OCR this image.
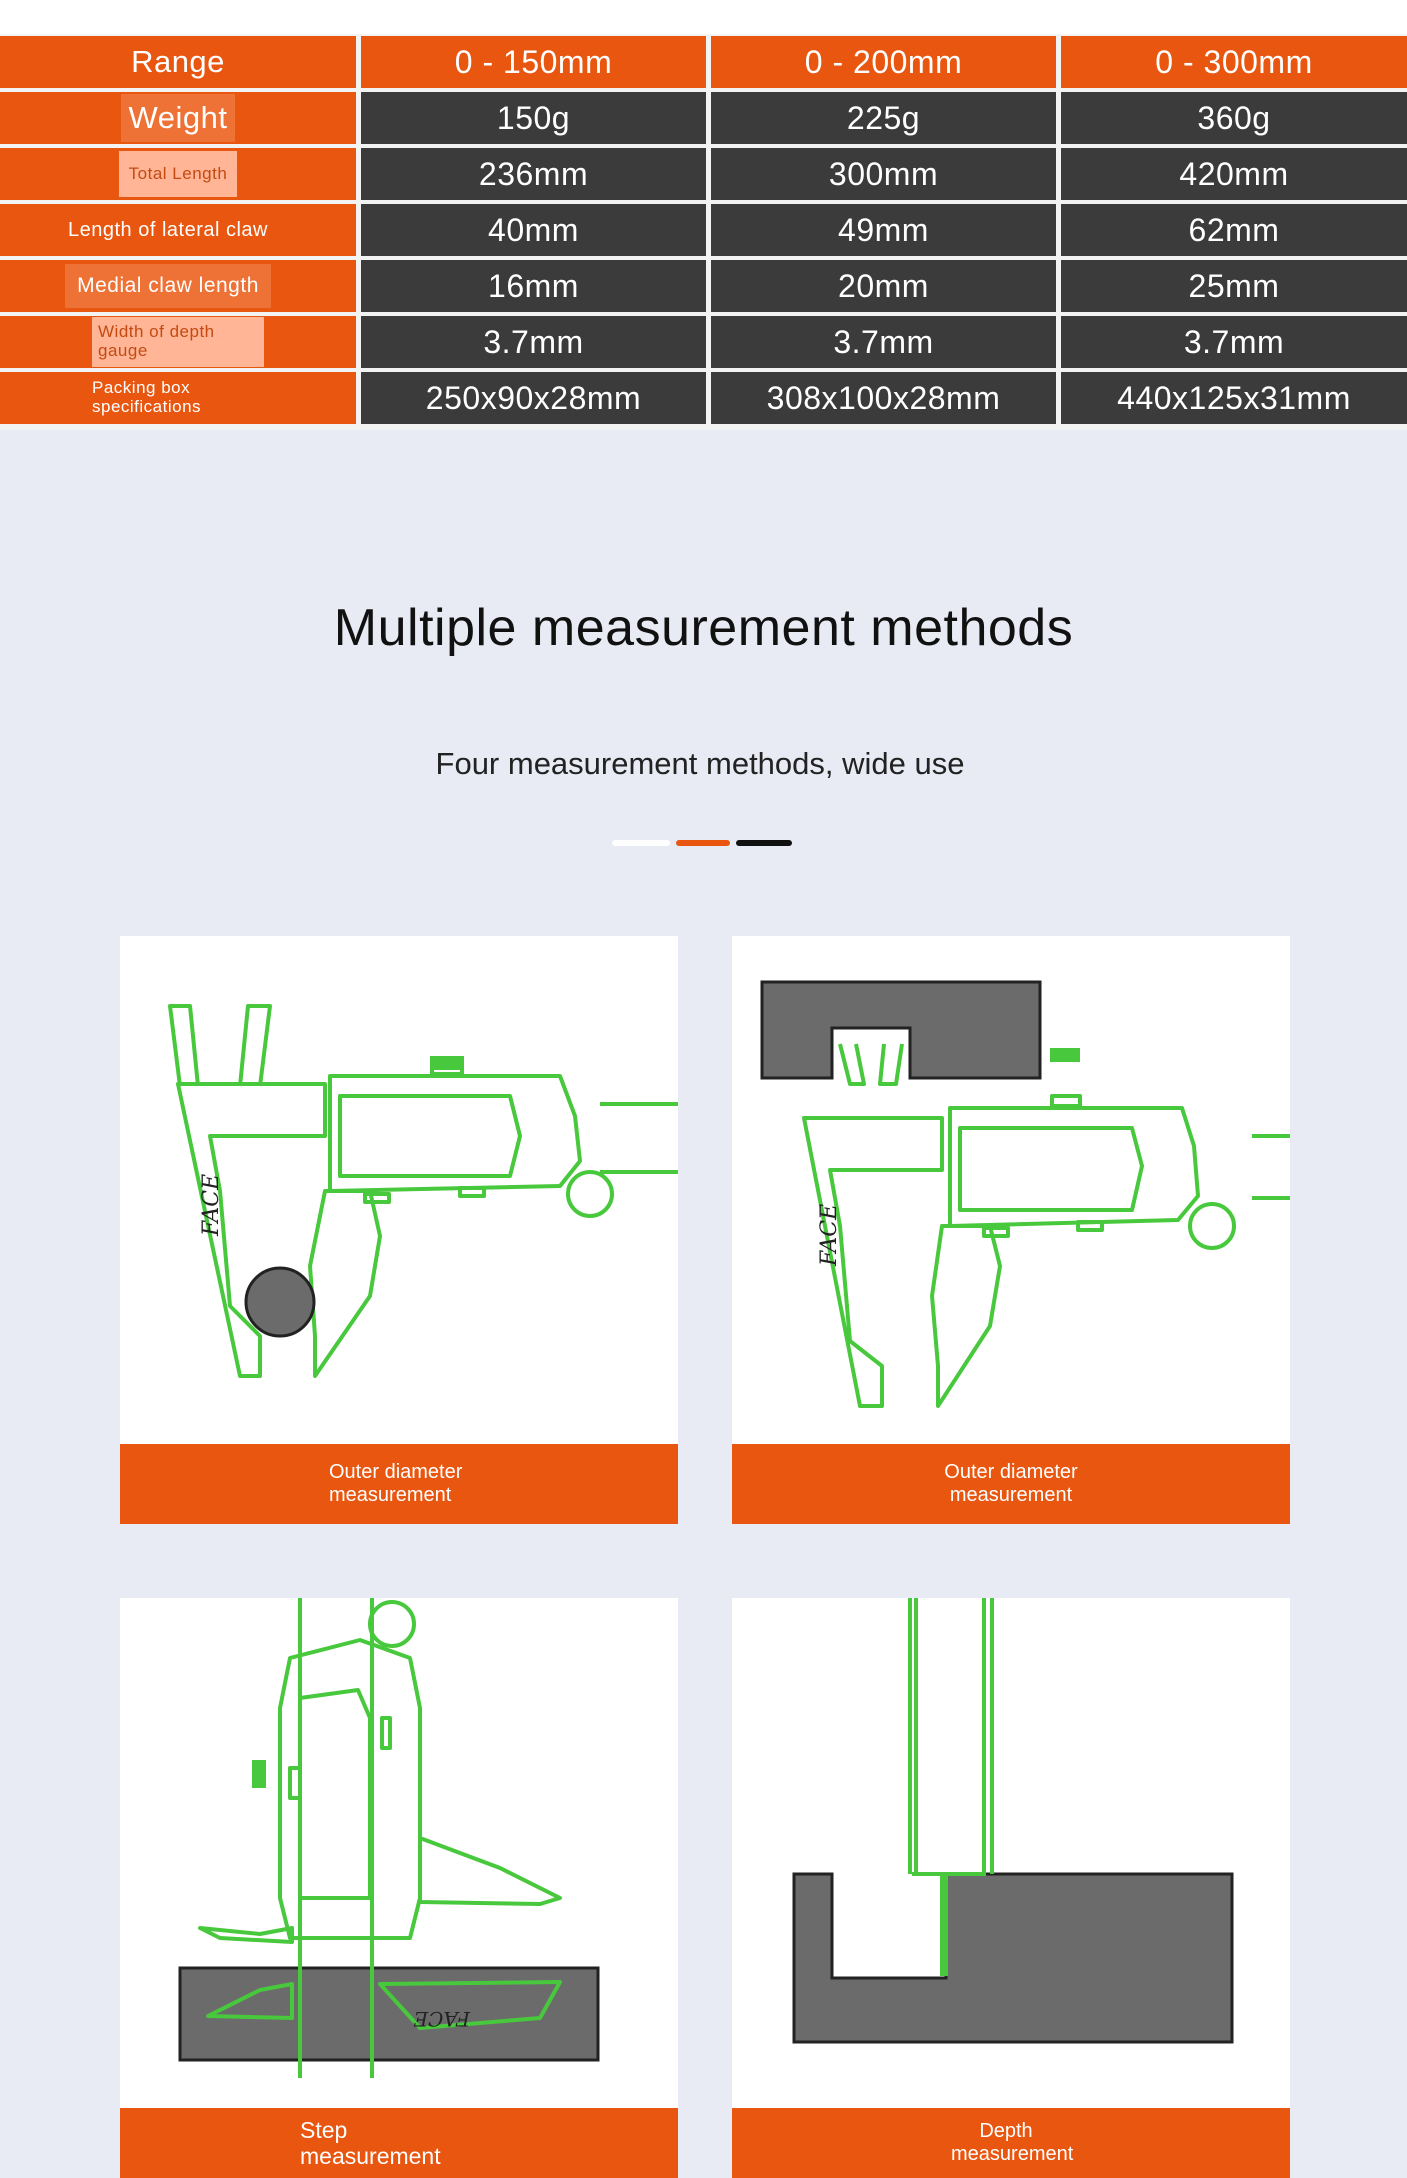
Range	0 - 150mm	0 - 200mm	0 - 300mm
Weight	150g	225g	360g
Total Length	236mm	300mm	420mm
Length of lateral claw	40mm	49mm	62mm
Medial claw length	16mm	20mm	25mm
Width of depth gauge	3.7mm	3.7mm	3.7mm
Packing box specifications	250x90x28mm	308x100x28mm	440x125x31mm
Multiple measurement methods
Four measurement methods, wide use
FACE
Outer diameter measurement
FACE
Outer diameter measurement
FACE
Step measurement
Depth measurement
